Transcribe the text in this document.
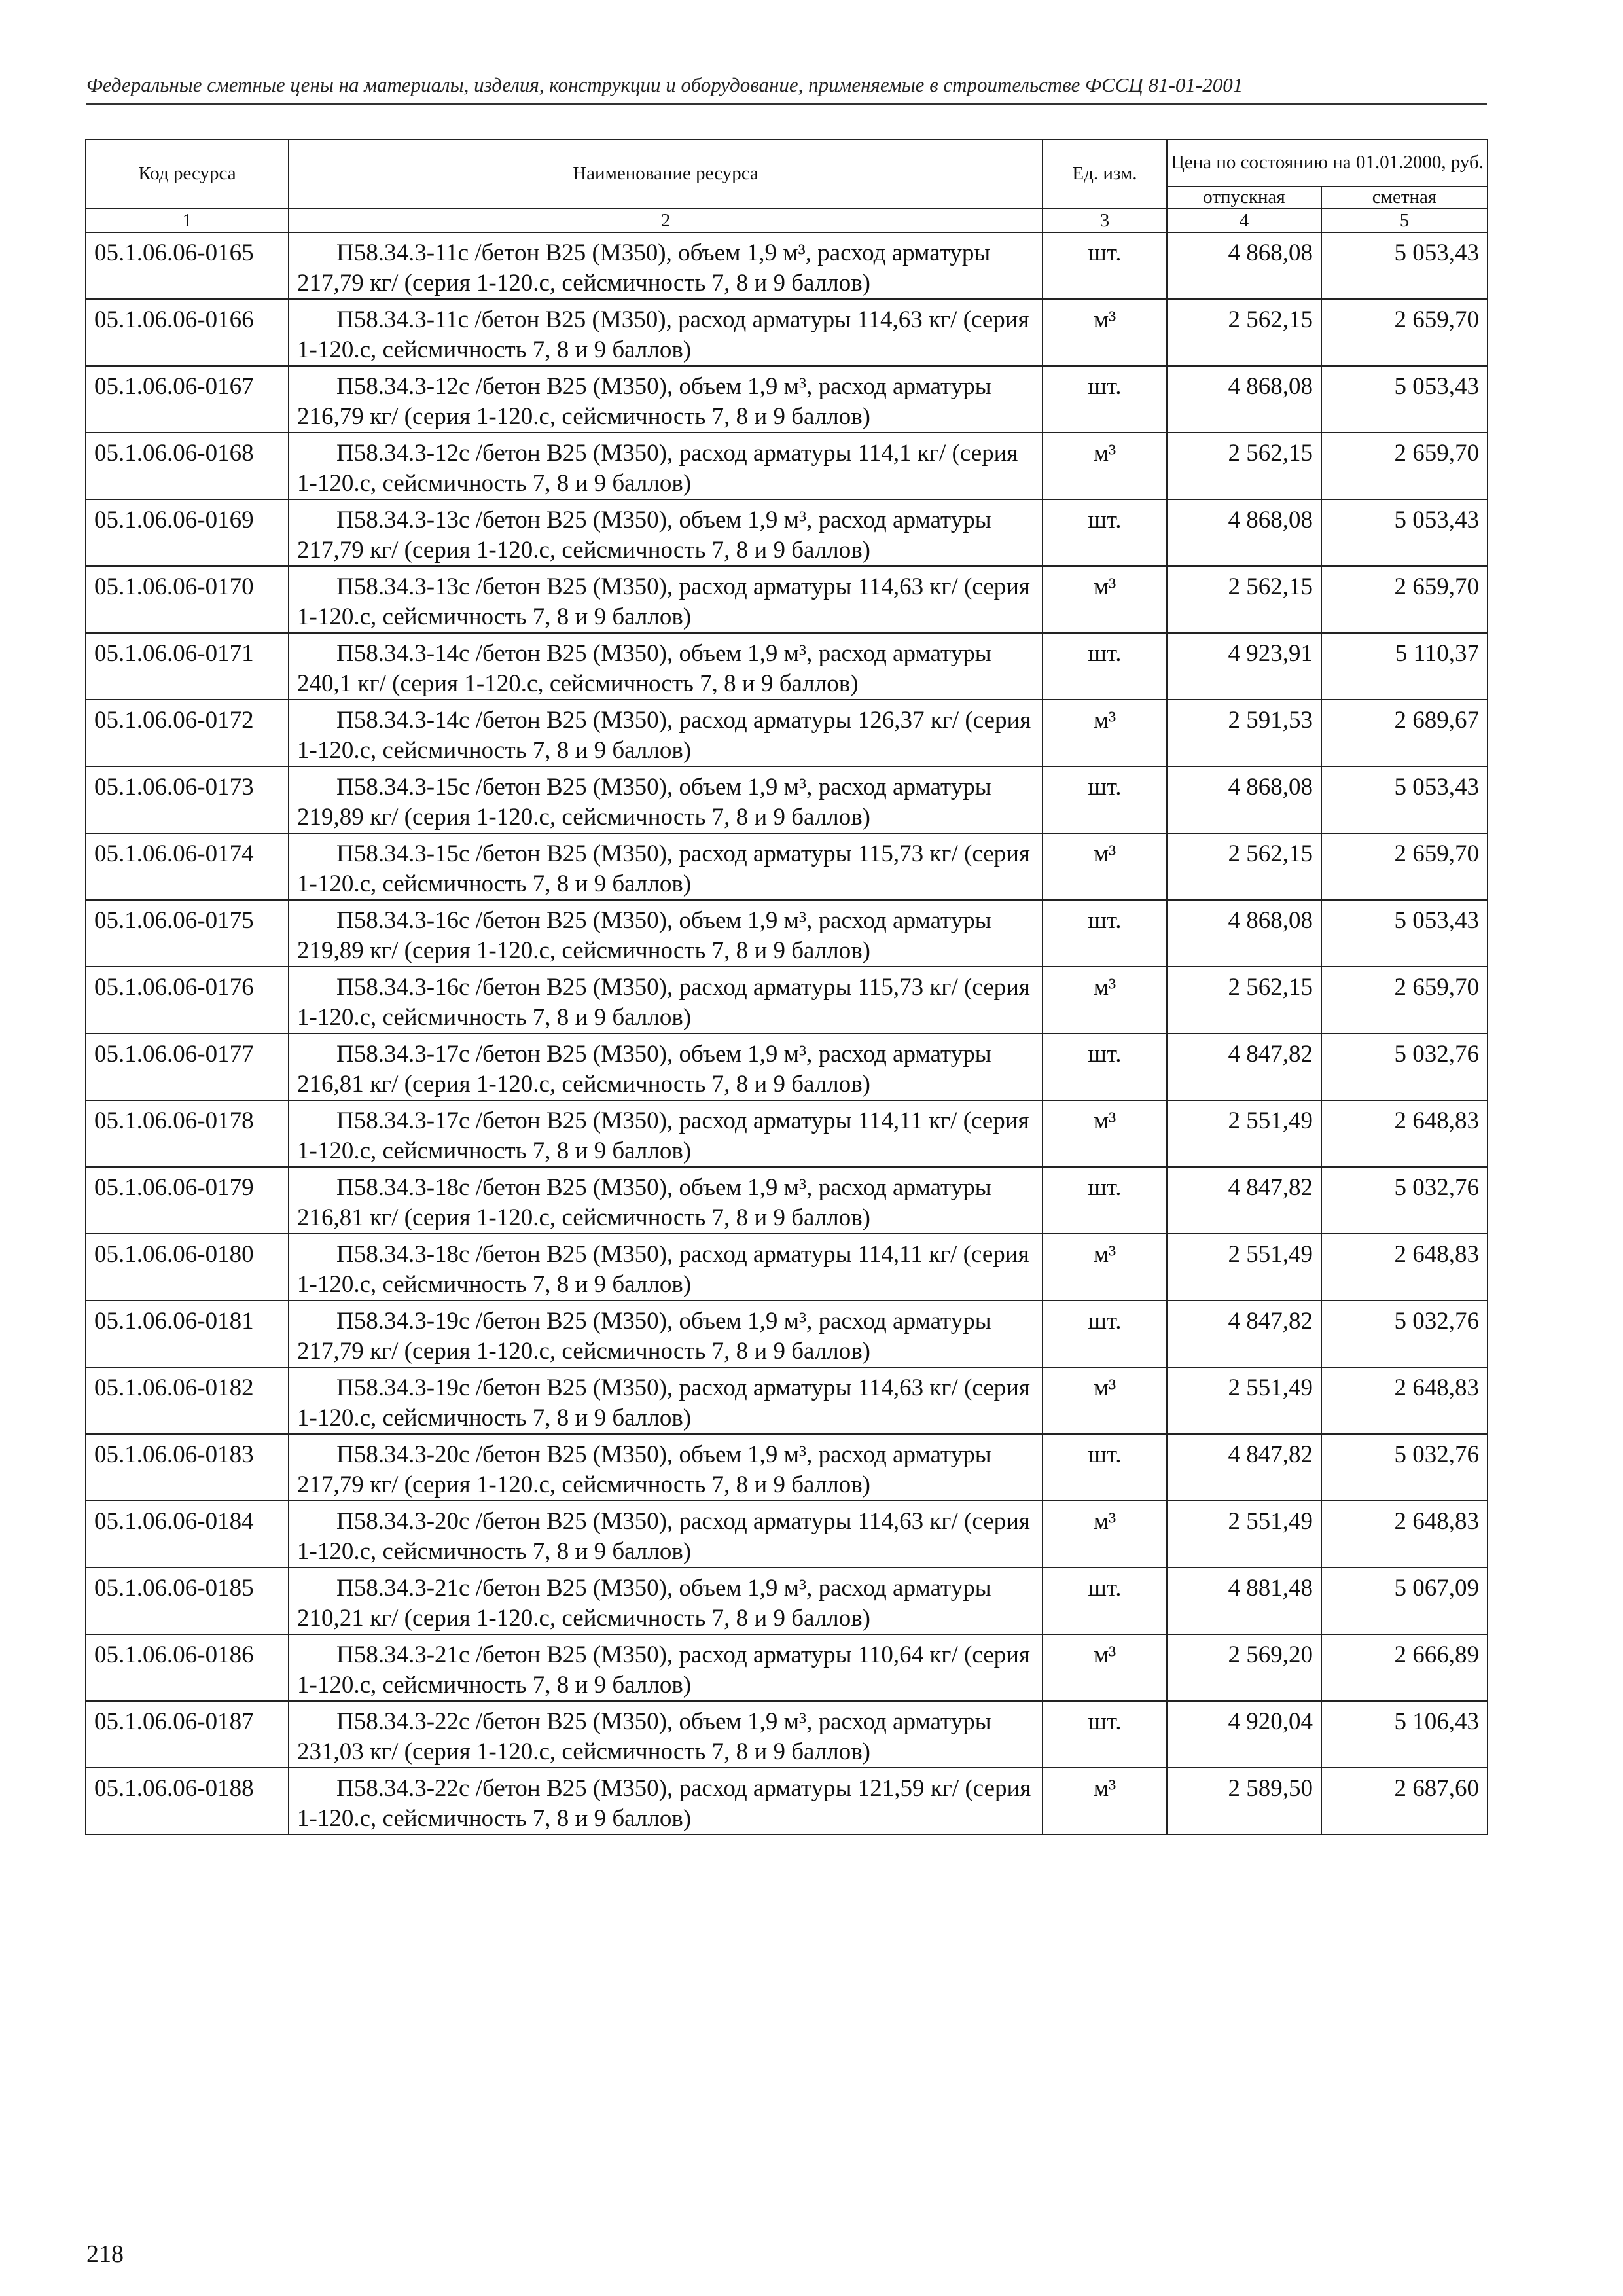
Федеральные сметные цены на материалы, изделия, конструкции и оборудование, применяемые в строительстве ФССЦ 81-01-2001
Код ресурса	Наименование ресурса	Ед. изм.	Цена по состоянию на 01.01.2000, руб.	
			отпускная	сметная
1	2	3	4	5
05.1.06.06-0165	П58.34.3-11с /бетон В25 (М350), объем 1,9 м³, расход арматуры 217,79 кг/ (серия 1-120.с, сейсмичность 7, 8 и 9 баллов)	шт.	4 868,08	5 053,43
05.1.06.06-0166	П58.34.3-11с /бетон В25 (М350), расход арматуры 114,63 кг/ (серия 1-120.с, сейсмичность 7, 8 и 9 баллов)	м³	2 562,15	2 659,70
05.1.06.06-0167	П58.34.3-12с /бетон В25 (М350), объем 1,9 м³, расход арматуры 216,79 кг/ (серия 1-120.с, сейсмичность 7, 8 и 9 баллов)	шт.	4 868,08	5 053,43
05.1.06.06-0168	П58.34.3-12с /бетон В25 (М350), расход арматуры 114,1 кг/ (серия 1-120.с, сейсмичность 7, 8 и 9 баллов)	м³	2 562,15	2 659,70
05.1.06.06-0169	П58.34.3-13с /бетон В25 (М350), объем 1,9 м³, расход арматуры 217,79 кг/ (серия 1-120.с, сейсмичность 7, 8 и 9 баллов)	шт.	4 868,08	5 053,43
05.1.06.06-0170	П58.34.3-13с /бетон В25 (М350), расход арматуры 114,63 кг/ (серия 1-120.с, сейсмичность 7, 8 и 9 баллов)	м³	2 562,15	2 659,70
05.1.06.06-0171	П58.34.3-14с /бетон В25 (М350), объем 1,9 м³, расход арматуры 240,1 кг/ (серия 1-120.с, сейсмичность 7, 8 и 9 баллов)	шт.	4 923,91	5 110,37
05.1.06.06-0172	П58.34.3-14с /бетон В25 (М350), расход арматуры 126,37 кг/ (серия 1-120.с, сейсмичность 7, 8 и 9 баллов)	м³	2 591,53	2 689,67
05.1.06.06-0173	П58.34.3-15с /бетон В25 (М350), объем 1,9 м³, расход арматуры 219,89 кг/ (серия 1-120.с, сейсмичность 7, 8 и 9 баллов)	шт.	4 868,08	5 053,43
05.1.06.06-0174	П58.34.3-15с /бетон В25 (М350), расход арматуры 115,73 кг/ (серия 1-120.с, сейсмичность 7, 8 и 9 баллов)	м³	2 562,15	2 659,70
05.1.06.06-0175	П58.34.3-16с /бетон В25 (М350), объем 1,9 м³, расход арматуры 219,89 кг/ (серия 1-120.с, сейсмичность 7, 8 и 9 баллов)	шт.	4 868,08	5 053,43
05.1.06.06-0176	П58.34.3-16с /бетон В25 (М350), расход арматуры 115,73 кг/ (серия 1-120.с, сейсмичность 7, 8 и 9 баллов)	м³	2 562,15	2 659,70
05.1.06.06-0177	П58.34.3-17с /бетон В25 (М350), объем 1,9 м³, расход арматуры 216,81 кг/ (серия 1-120.с, сейсмичность 7, 8 и 9 баллов)	шт.	4 847,82	5 032,76
05.1.06.06-0178	П58.34.3-17с /бетон В25 (М350), расход арматуры 114,11 кг/ (серия 1-120.с, сейсмичность 7, 8 и 9 баллов)	м³	2 551,49	2 648,83
05.1.06.06-0179	П58.34.3-18с /бетон В25 (М350), объем 1,9 м³, расход арматуры 216,81 кг/ (серия 1-120.с, сейсмичность 7, 8 и 9 баллов)	шт.	4 847,82	5 032,76
05.1.06.06-0180	П58.34.3-18с /бетон В25 (М350), расход арматуры 114,11 кг/ (серия 1-120.с, сейсмичность 7, 8 и 9 баллов)	м³	2 551,49	2 648,83
05.1.06.06-0181	П58.34.3-19с /бетон В25 (М350), объем 1,9 м³, расход арматуры 217,79 кг/ (серия 1-120.с, сейсмичность 7, 8 и 9 баллов)	шт.	4 847,82	5 032,76
05.1.06.06-0182	П58.34.3-19с /бетон В25 (М350), расход арматуры 114,63 кг/ (серия 1-120.с, сейсмичность 7, 8 и 9 баллов)	м³	2 551,49	2 648,83
05.1.06.06-0183	П58.34.3-20с /бетон В25 (М350), объем 1,9 м³, расход арматуры 217,79 кг/ (серия 1-120.с, сейсмичность 7, 8 и 9 баллов)	шт.	4 847,82	5 032,76
05.1.06.06-0184	П58.34.3-20с /бетон В25 (М350), расход арматуры 114,63 кг/ (серия 1-120.с, сейсмичность 7, 8 и 9 баллов)	м³	2 551,49	2 648,83
05.1.06.06-0185	П58.34.3-21с /бетон В25 (М350), объем 1,9 м³, расход арматуры 210,21 кг/ (серия 1-120.с, сейсмичность 7, 8 и 9 баллов)	шт.	4 881,48	5 067,09
05.1.06.06-0186	П58.34.3-21с /бетон В25 (М350), расход арматуры 110,64 кг/ (серия 1-120.с, сейсмичность 7, 8 и 9 баллов)	м³	2 569,20	2 666,89
05.1.06.06-0187	П58.34.3-22с /бетон В25 (М350), объем 1,9 м³, расход арматуры 231,03 кг/ (серия 1-120.с, сейсмичность 7, 8 и 9 баллов)	шт.	4 920,04	5 106,43
05.1.06.06-0188	П58.34.3-22с /бетон В25 (М350), расход арматуры 121,59 кг/ (серия 1-120.с, сейсмичность 7, 8 и 9 баллов)	м³	2 589,50	2 687,60
218
